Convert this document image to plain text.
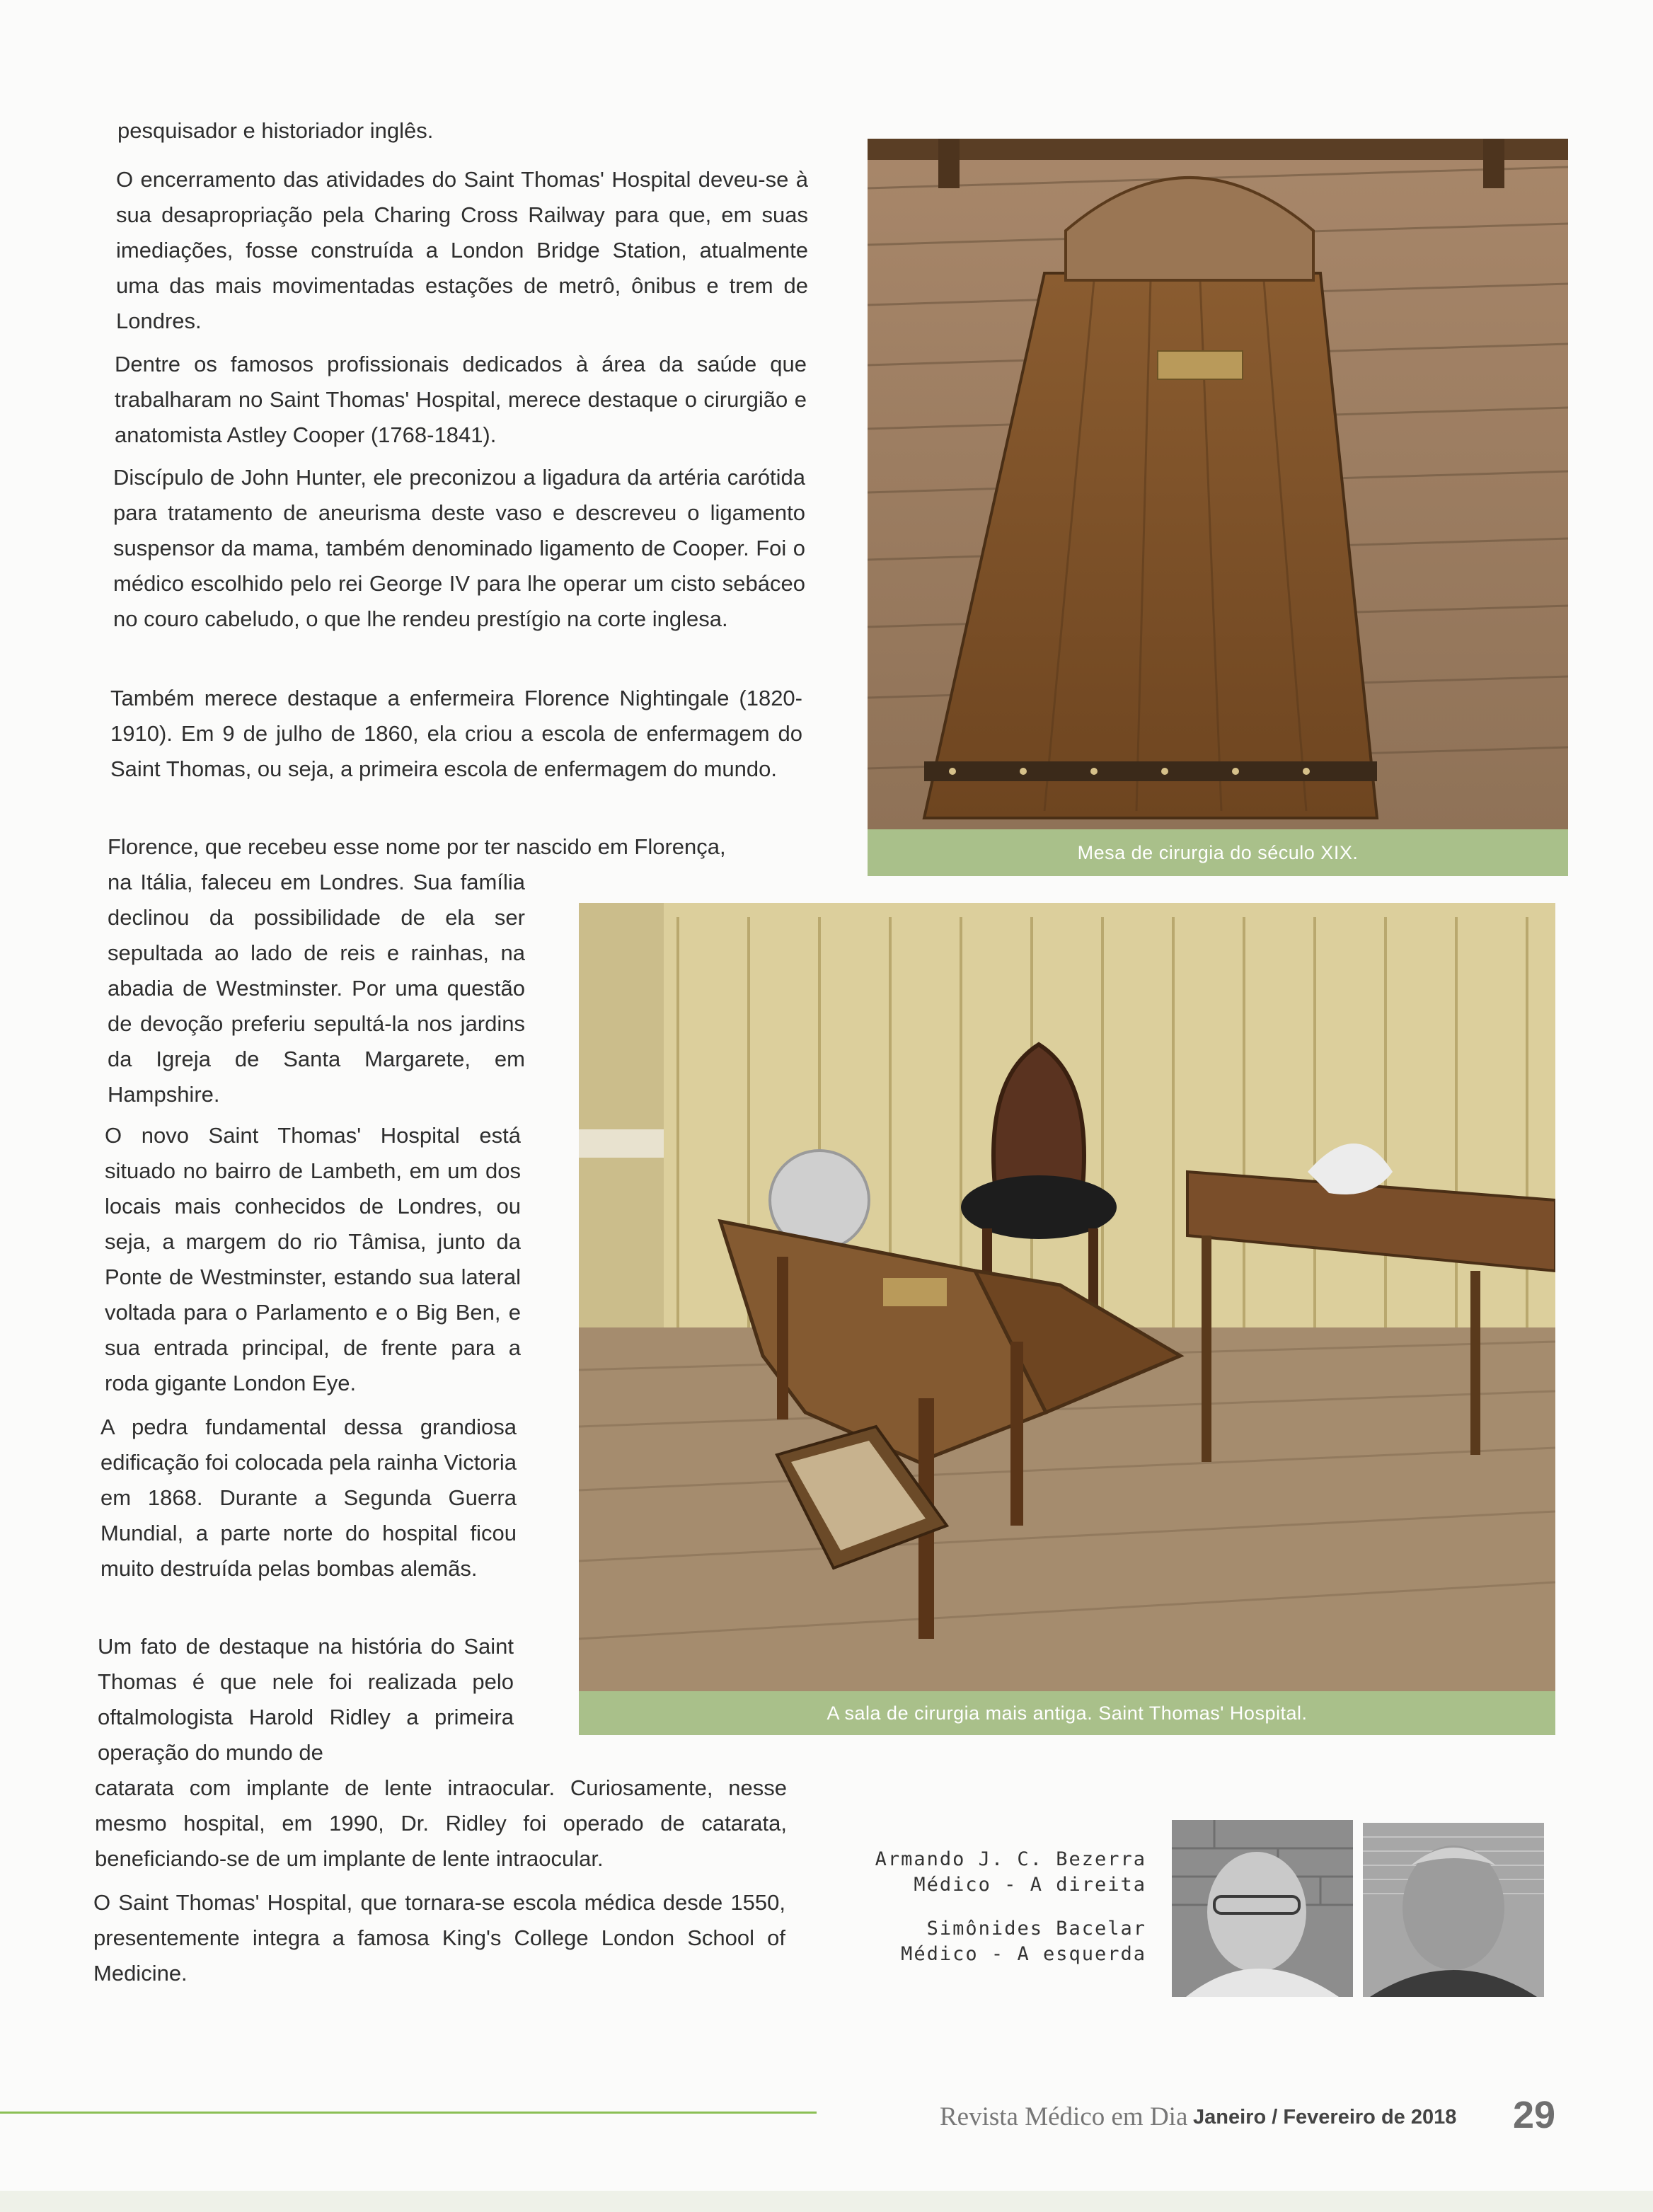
pesquisador e historiador inglês.

O encerramento das atividades do Saint Thomas' Hospital deveu-se à sua desapropriação pela Charing Cross Railway para que, em suas imediações, fosse construída a London Bridge Station, atualmente uma das mais movimentadas estações de metrô, ônibus e trem de Londres.

Dentre os famosos profissionais dedicados à área da saúde que trabalharam no Saint Thomas' Hospital, merece destaque o cirurgião e anatomista Astley Cooper (1768-1841).

Discípulo de John Hunter, ele preconizou a ligadura da artéria carótida para tratamento de aneurisma deste vaso e descreveu o ligamento suspensor da mama, também denominado ligamento de Cooper. Foi o médico escolhido pelo rei George IV para lhe operar um cisto sebáceo no couro cabeludo, o que lhe rendeu prestígio na corte inglesa.

Também merece destaque a enfermeira Florence Nightingale (1820-1910). Em 9 de julho de 1860, ela criou a escola de enfermagem do Saint Thomas, ou seja, a primeira escola de enfermagem do mundo.

Florence, que recebeu esse nome por ter nascido em Florença,

na Itália, faleceu em Londres. Sua família declinou da possibilidade de ela ser sepultada ao lado de reis e rainhas, na abadia de Westminster. Por uma questão de devoção preferiu sepultá-la nos jardins da Igreja de Santa Margarete, em Hampshire.

O novo Saint Thomas' Hospital está situado no bairro de Lambeth, em um dos locais mais conhecidos de Londres, ou seja, a margem do rio Tâmisa, junto da Ponte de Westminster, estando sua lateral voltada para o Parlamento e o Big Ben, e sua entrada principal, de frente para a roda gigante London Eye.

A pedra fundamental dessa grandiosa edificação foi colocada pela rainha Victoria em 1868. Durante a Segunda Guerra Mundial, a parte norte do hospital ficou muito destruída pelas bombas alemãs.

Um fato de destaque na história do Saint Thomas é que nele foi realizada pelo oftalmologista Harold Ridley a primeira operação do mundo de

catarata com implante de lente intraocular. Curiosamente, nesse mesmo hospital, em 1990, Dr. Ridley foi operado de catarata, beneficiando-se de um implante de lente intraocular.

O Saint Thomas' Hospital, que tornara-se escola médica desde 1550, presentemente integra a famosa King's College London School of Medicine.

Mesa de cirurgia do século XIX.
A sala de cirurgia mais antiga. Saint Thomas' Hospital.
Armando J. C. Bezerra
Médico - A direita
Simônides Bacelar
Médico - A esquerda
Revista Médico em Dia Janeiro / Fevereiro de 2018 29
